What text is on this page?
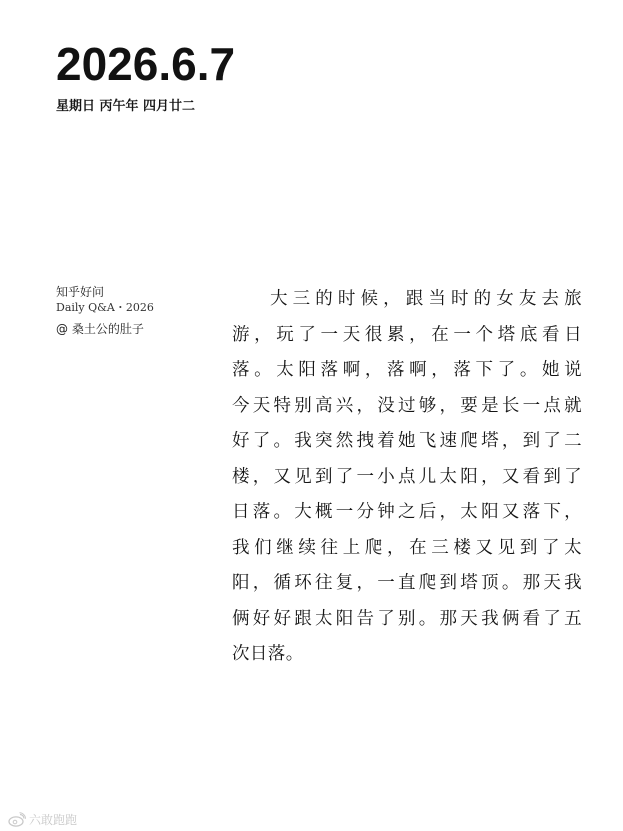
2026.6.7
星期日 丙午年 四月廿二
知乎好问
Daily Q&A・2026
@ 桑土公的肚子
大三的时候，跟当时的女友去旅
游，玩了一天很累，在一个塔底看日
落。太阳落啊，落啊，落下了。她说
今天特别高兴，没过够，要是长一点就
好了。我突然拽着她飞速爬塔，到了二
楼，又见到了一小点儿太阳，又看到了
日落。大概一分钟之后，太阳又落下，
我们继续往上爬，在三楼又见到了太
阳，循环往复，一直爬到塔顶。那天我
俩好好跟太阳告了别。那天我俩看了五
次日落。
六敢跑跑
